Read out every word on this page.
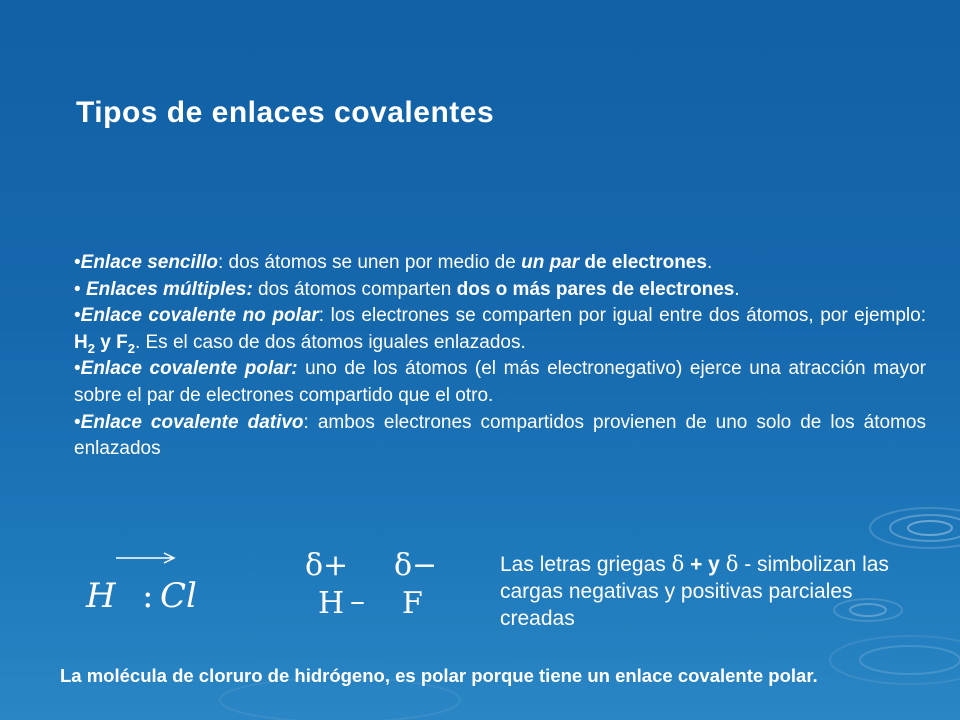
Tipos de enlaces covalentes

•Enlace sencillo: dos átomos se unen por medio de un par de electrones.

• Enlaces múltiples: dos átomos comparten dos o más pares de electrones.

•Enlace covalente no polar: los electrones se comparten por igual entre dos átomos, por ejemplo: $H_2$ y $F_2$. Es el caso de dos átomos iguales enlazados.

•Enlace covalente polar: uno de los átomos (el más electronegativo) ejerce una atracción mayor sobre el par de electrones compartido que el otro.

•Enlace covalente dativo: ambos electrones compartidos provienen de uno solo de los átomos enlazados

H : Cl
δ+ δ−
H – F
Las letras griegas δ + y δ - simbolizan las cargas negativas y positivas parciales creadas
La molécula de cloruro de hidrógeno, es polar porque tiene un enlace covalente polar.
